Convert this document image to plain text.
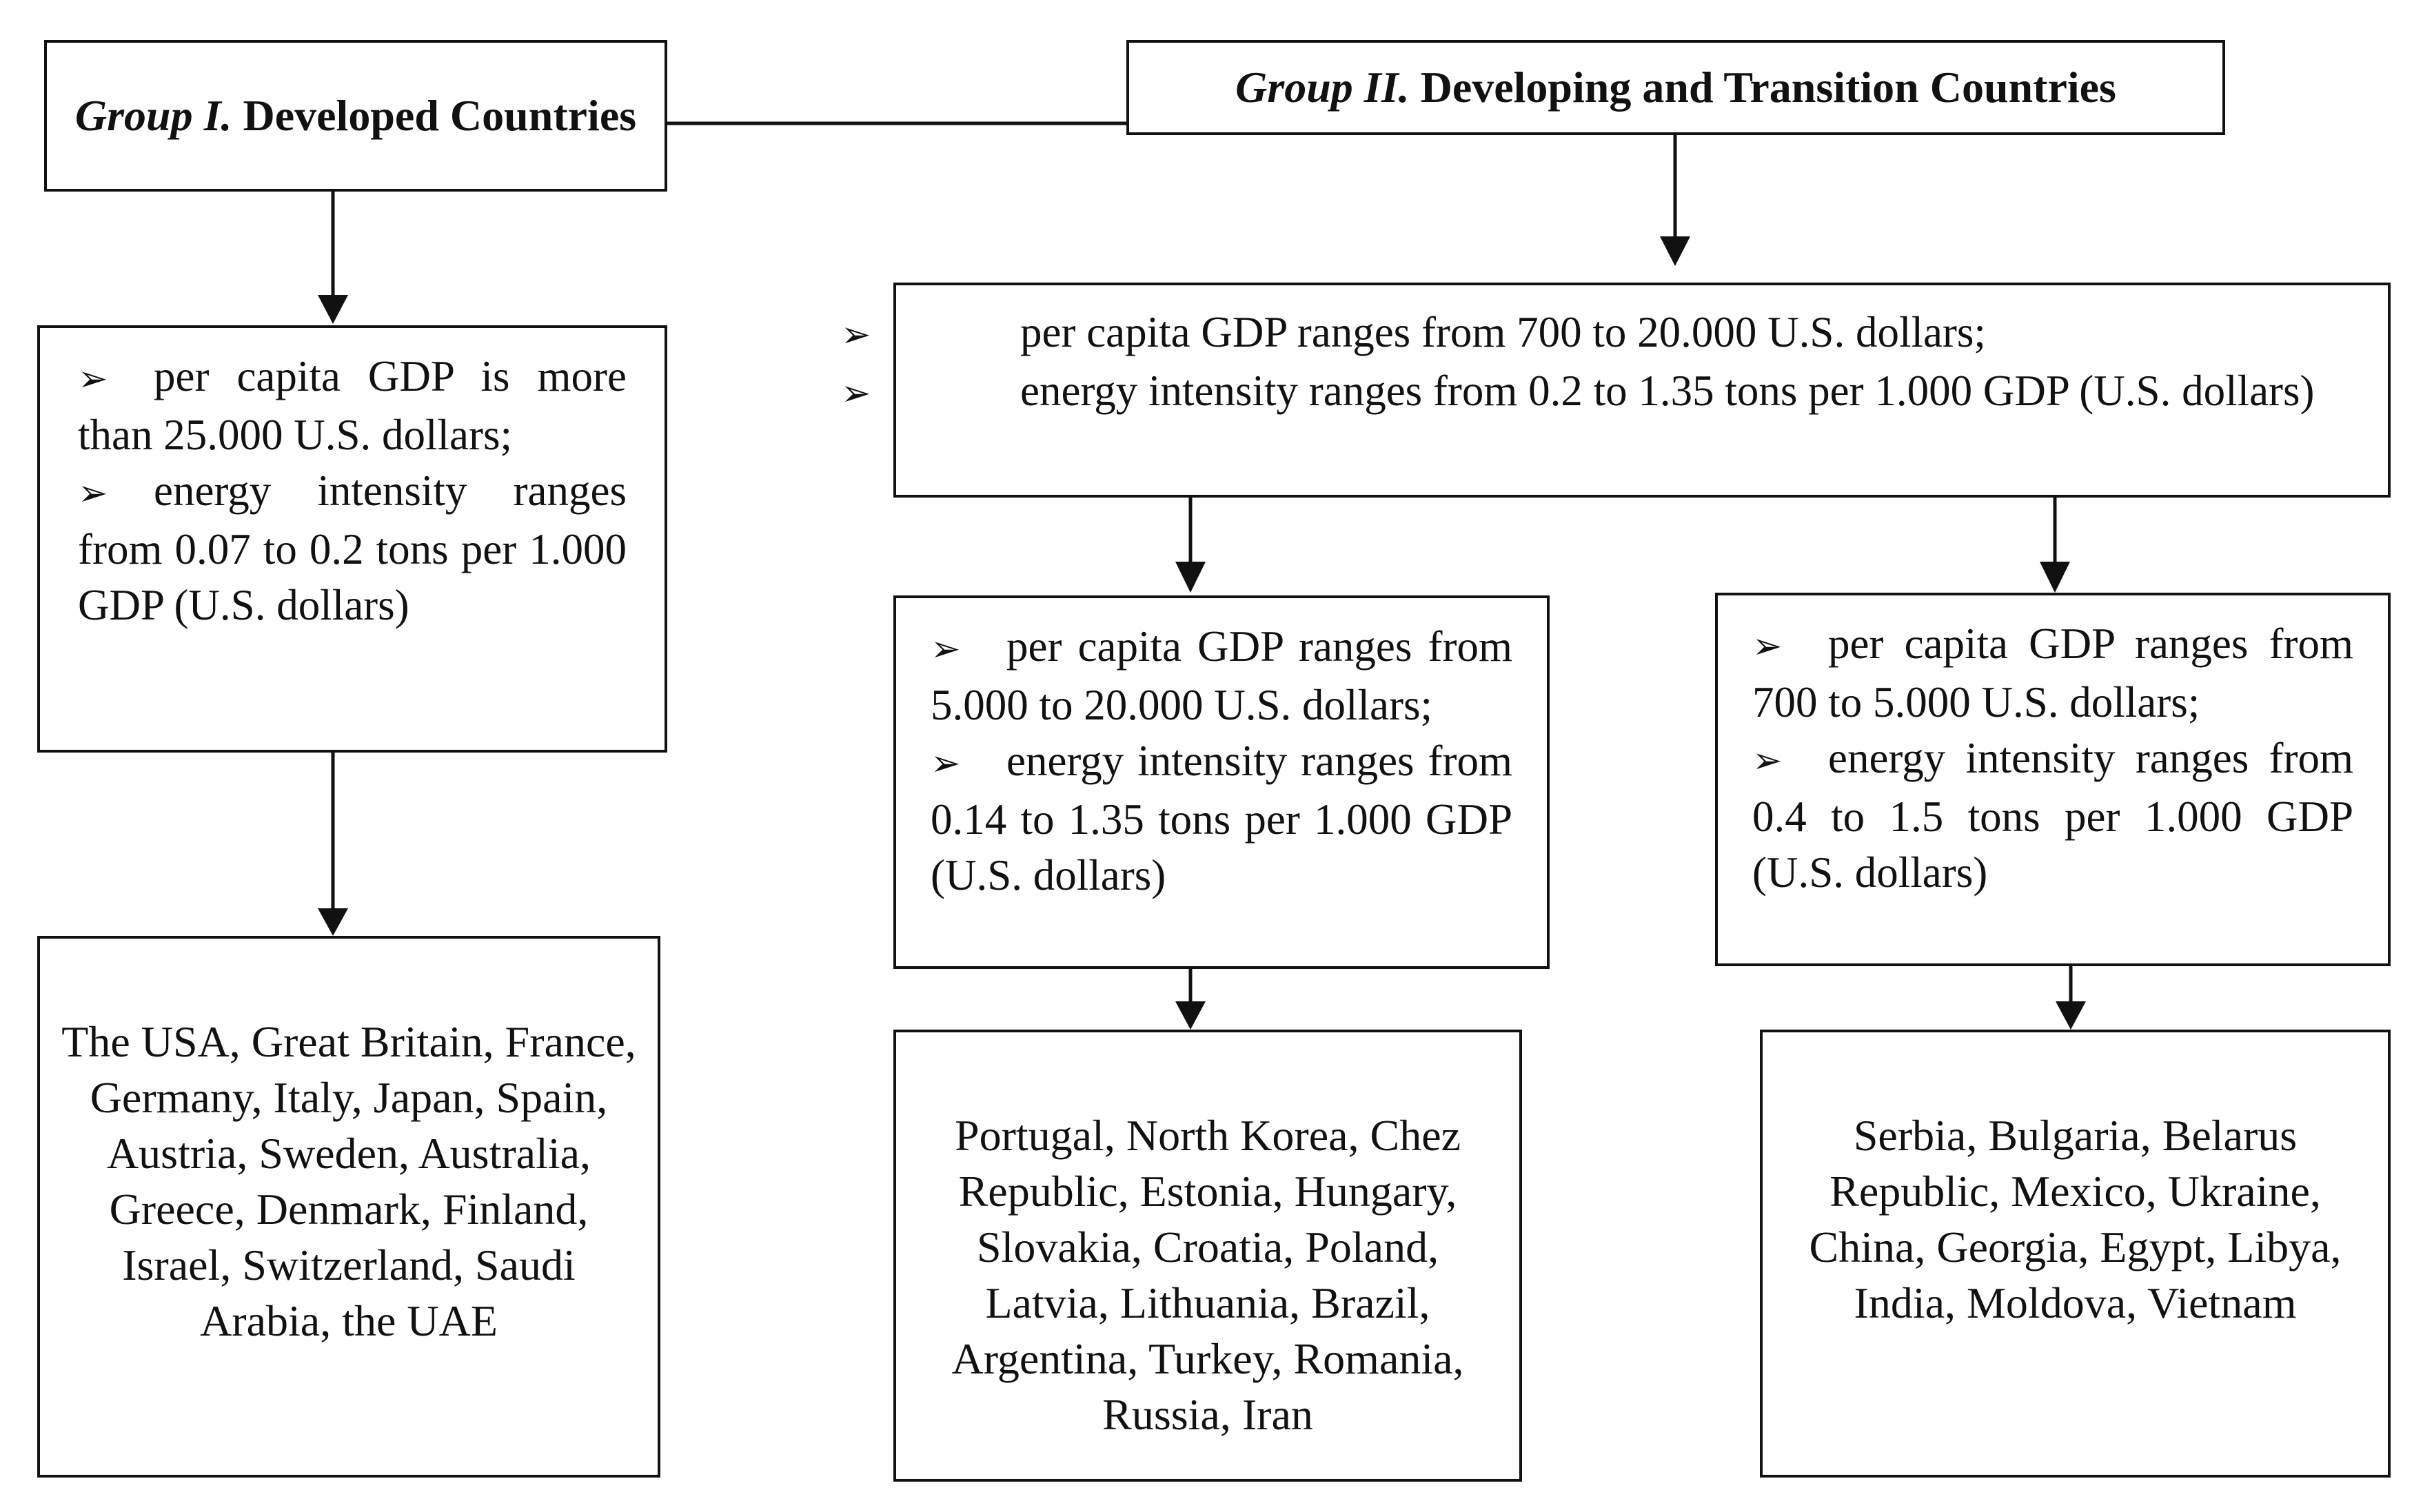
Group I. Developed Countries
Group II. Developing and Transition Countries

➢ per capita GDP is more than 25.000 U.S. dollars;

➢ energy intensity ranges from 0.07 to 0.2 tons per 1.000 GDP (U.S. dollars)

The USA, Great Britain, France, Germany, Italy, Japan, Spain, Austria, Sweden, Australia, Greece, Denmark, Finland, Israel, Switzerland, Saudi Arabia, the UAE

➢	per capita GDP ranges from 700 to 20.000 U.S. dollars;

➢	energy intensity ranges from 0.2 to 1.35 tons per 1.000 GDP (U.S. dollars)

➢ per capita GDP ranges from 5.000 to 20.000 U.S. dollars;

➢ energy intensity ranges from 0.14 to 1.35 tons per 1.000 GDP (U.S. dollars)

➢ per capita GDP ranges from 700 to 5.000 U.S. dollars;

➢ energy intensity ranges from 0.4 to 1.5 tons per 1.000 GDP (U.S. dollars)

Portugal, North Korea, Chez Republic, Estonia, Hungary, Slovakia, Croatia, Poland, Latvia, Lithuania, Brazil, Argentina, Turkey, Romania, Russia, Iran

Serbia, Bulgaria, Belarus Republic, Mexico, Ukraine, China, Georgia, Egypt, Libya, India, Moldova, Vietnam
